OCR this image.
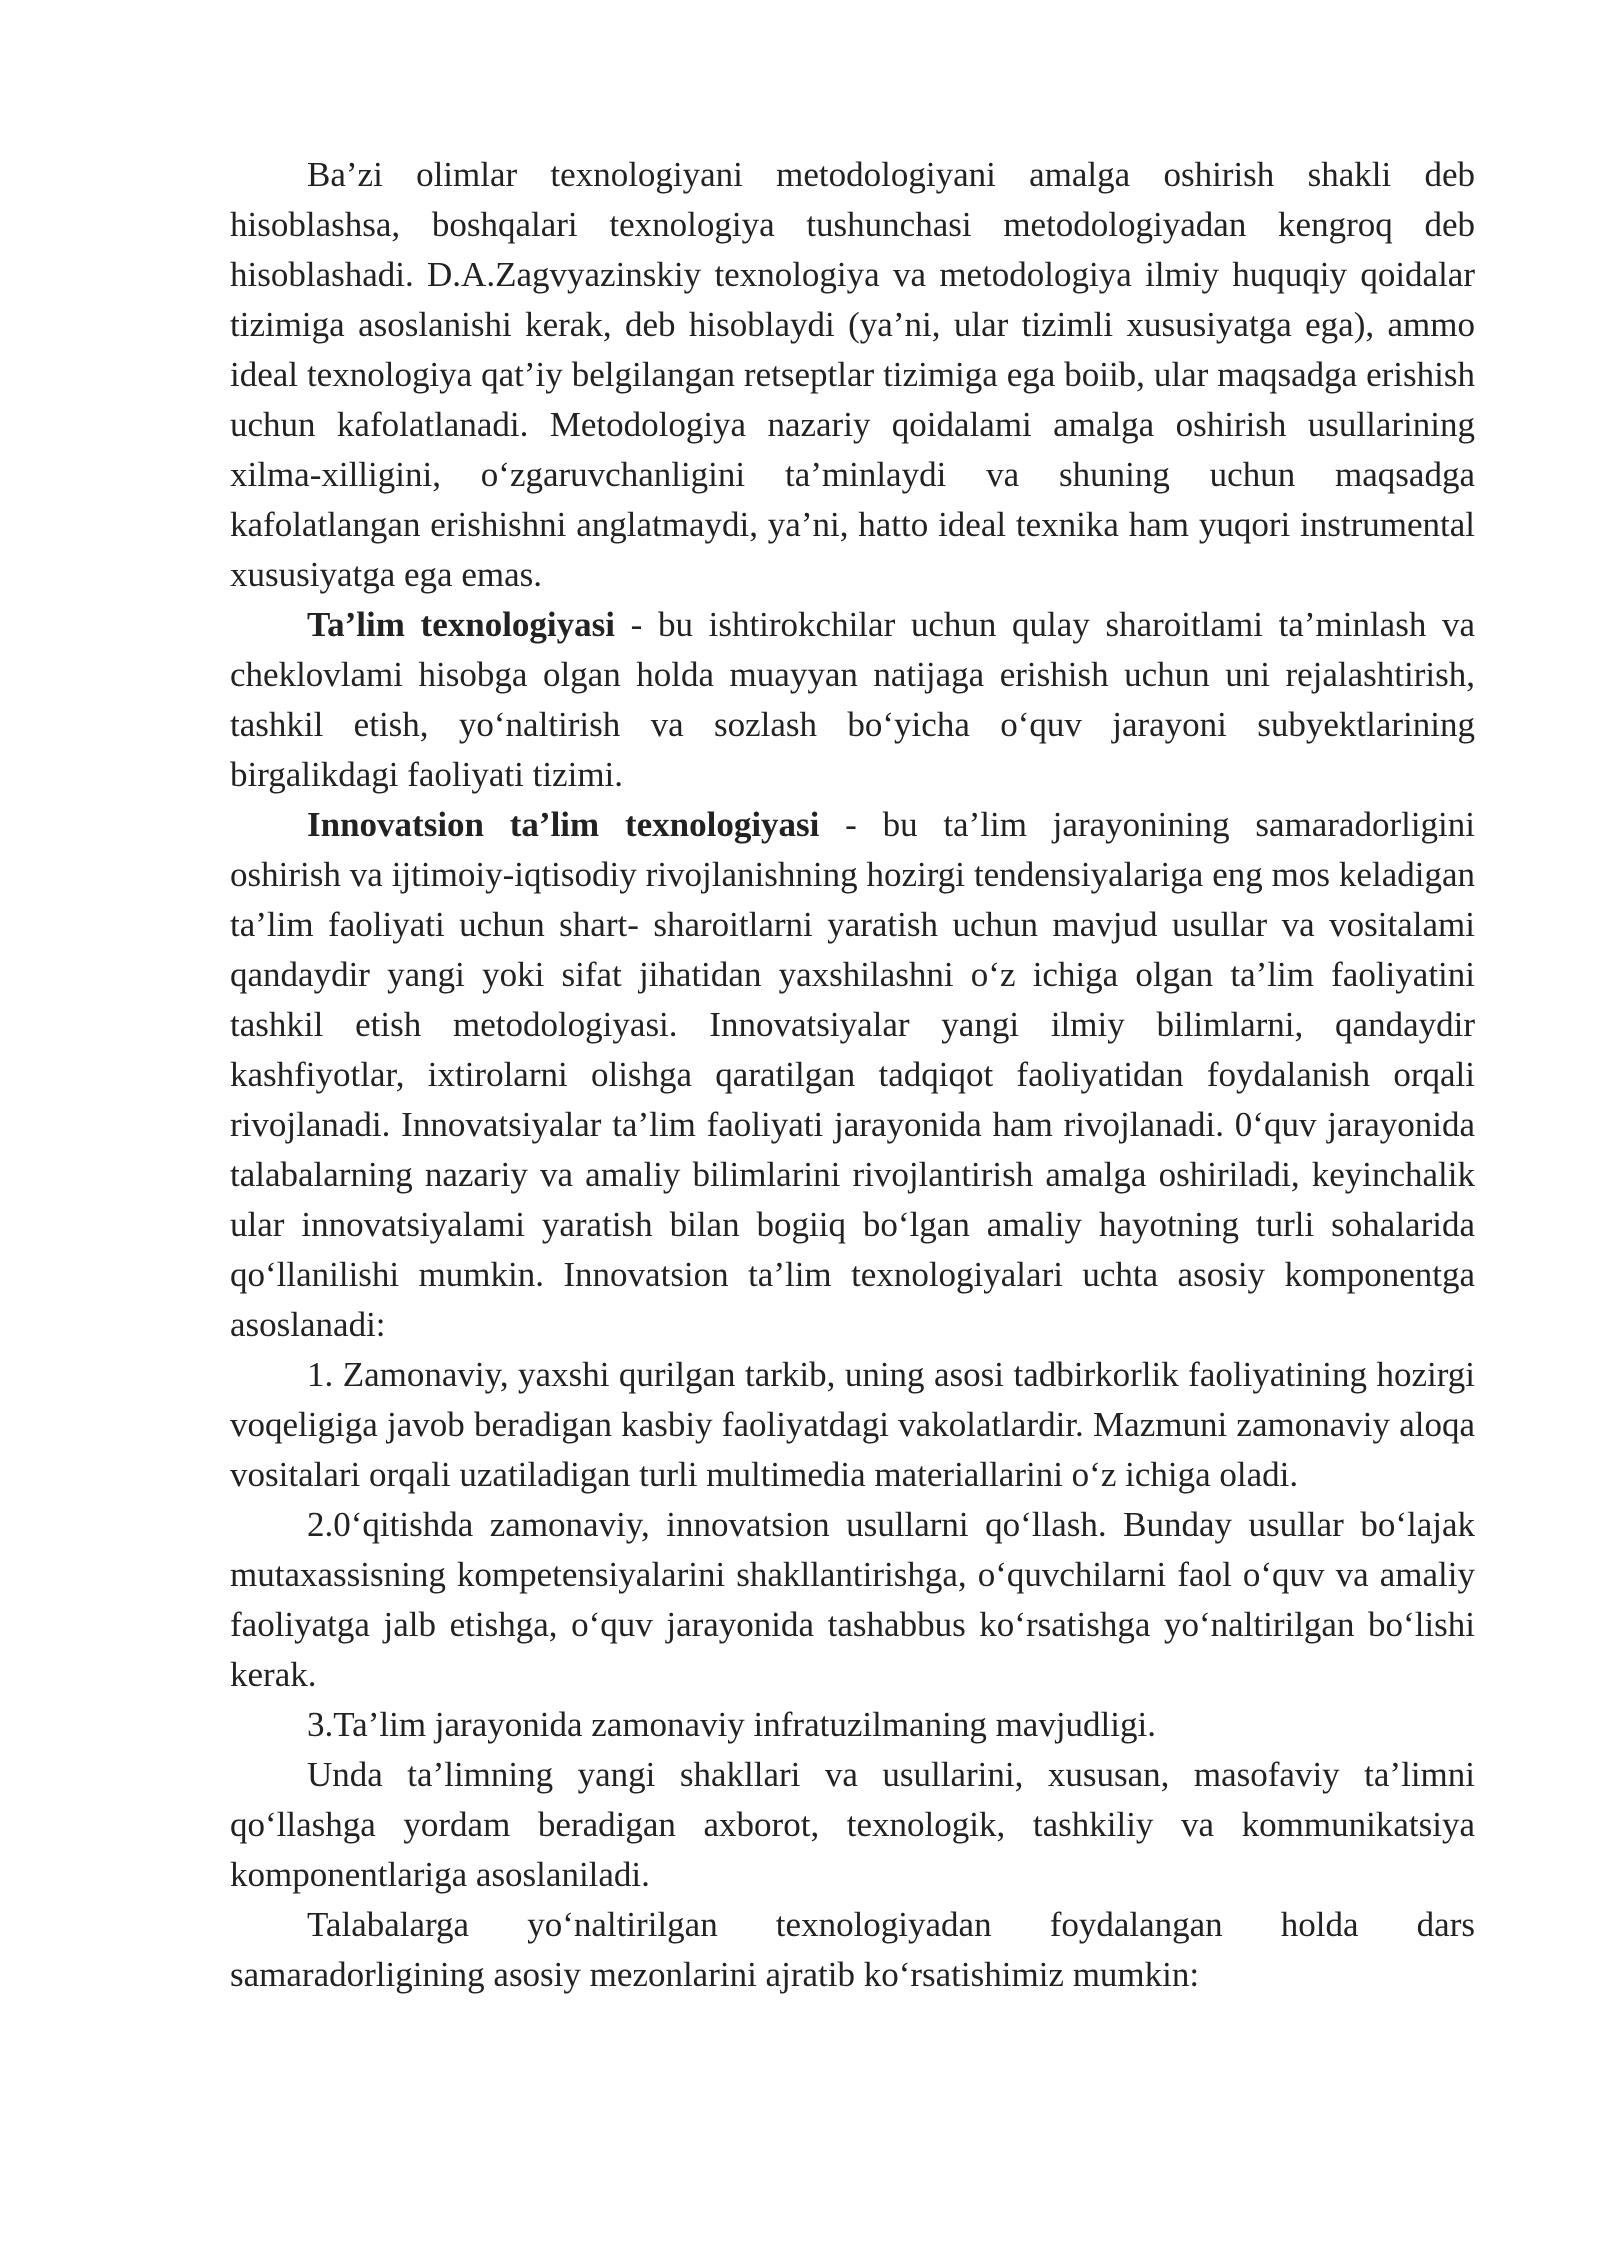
Ba’zi olimlar texnologiyani metodologiyani amalga oshirish shakli deb hisoblashsa, boshqalari texnologiya tushunchasi metodologiyadan kengroq deb hisoblashadi. D.A.Zagvyazinskiy texnologiya va metodologiya ilmiy huquqiy qoidalar tizimiga asoslanishi kerak, deb hisoblaydi (ya’ni, ular tizimli xususiyatga ega), ammo ideal texnologiya qat’iy belgilangan retseptlar tizimiga ega boiib, ular maqsadga erishish uchun kafolatlanadi. Metodologiya nazariy qoidalami amalga oshirish usullarining xilma-xilligini, o‘zgaruvchanligini ta’minlaydi va shuning uchun maqsadga kafolatlangan erishishni anglatmaydi, ya’ni, hatto ideal texnika ham yuqori instrumental xususiyatga ega emas.

Ta’lim texnologiyasi - bu ishtirokchilar uchun qulay sharoitlami ta’minlash va cheklovlami hisobga olgan holda muayyan natijaga erishish uchun uni rejalashtirish, tashkil etish, yo‘naltirish va sozlash bo‘yicha o‘quv jarayoni subyektlarining birgalikdagi faoliyati tizimi.

Innovatsion ta’lim texnologiyasi - bu ta’lim jarayonining samaradorligini oshirish va ijtimoiy-iqtisodiy rivojlanishning hozirgi tendensiyalariga eng mos keladigan ta’lim faoliyati uchun shart- sharoitlarni yaratish uchun mavjud usullar va vositalami qandaydir yangi yoki sifat jihatidan yaxshilashni o‘z ichiga olgan ta’lim faoliyatini tashkil etish metodologiyasi. Innovatsiyalar yangi ilmiy bilimlarni, qandaydir kashfiyotlar, ixtirolarni olishga qaratilgan tadqiqot faoliyatidan foydalanish orqali rivojlanadi. Innovatsiyalar ta’lim faoliyati jarayonida ham rivojlanadi. 0‘quv jarayonida talabalarning nazariy va amaliy bilimlarini rivojlantirish amalga oshiriladi, keyinchalik ular innovatsiyalami yaratish bilan bogiiq bo‘lgan amaliy hayotning turli sohalarida qo‘llanilishi mumkin. Innovatsion ta’lim texnologiyalari uchta asosiy komponentga asoslanadi:

1. Zamonaviy, yaxshi qurilgan tarkib, uning asosi tadbirkorlik faoliyatining hozirgi voqeligiga javob beradigan kasbiy faoliyatdagi vakolatlardir. Mazmuni zamonaviy aloqa vositalari orqali uzatiladigan turli multimedia materiallarini o‘z ichiga oladi.

2.0‘qitishda zamonaviy, innovatsion usullarni qo‘llash. Bunday usullar bo‘lajak mutaxassisning kompetensiyalarini shakllantirishga, o‘quvchilarni faol o‘quv va amaliy faoliyatga jalb etishga, o‘quv jarayonida tashabbus ko‘rsatishga yo‘naltirilgan bo‘lishi kerak.

3.Ta’lim jarayonida zamonaviy infratuzilmaning mavjudligi.

Unda ta’limning yangi shakllari va usullarini, xususan, masofaviy ta’limni qo‘llashga yordam beradigan axborot, texnologik, tashkiliy va kommunikatsiya komponentlariga asoslaniladi.

Talabalarga yo‘naltirilgan texnologiyadan foydalangan holda dars samaradorligining asosiy mezonlarini ajratib ko‘rsatishimiz mumkin:
